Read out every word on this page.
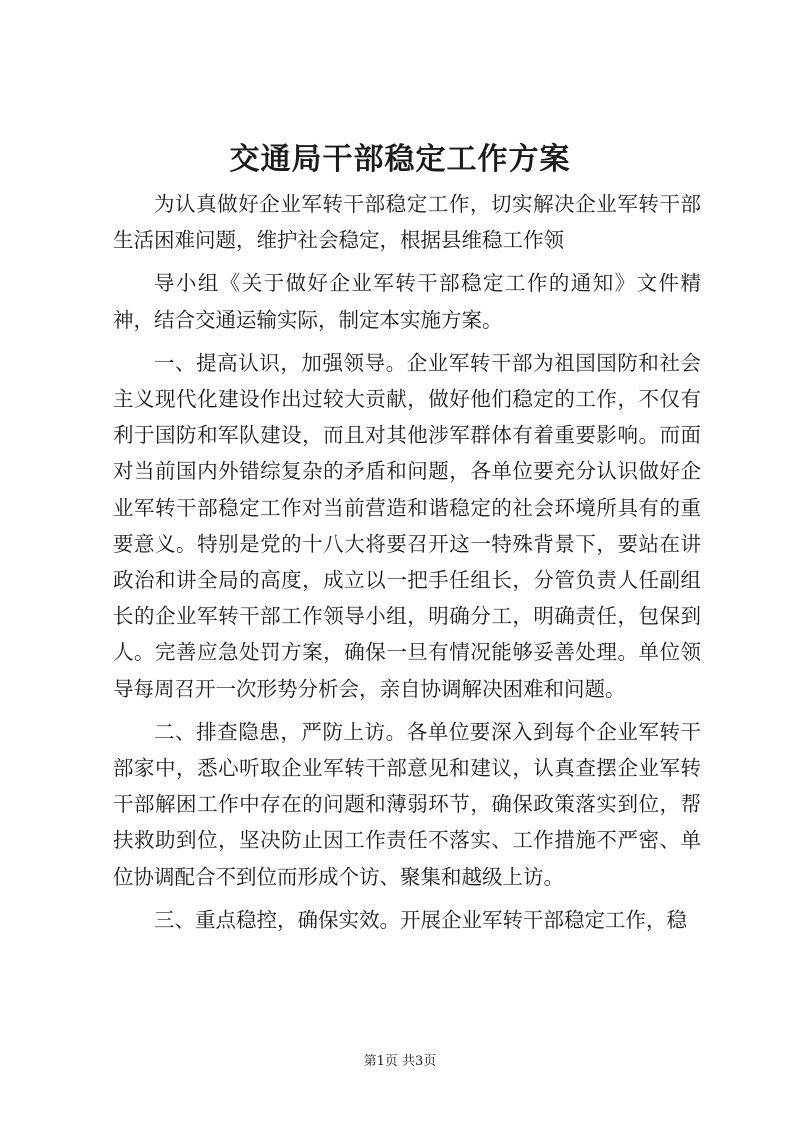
交通局干部稳定工作方案

为认真做好企业军转干部稳定工作，切实解决企业军转干部生活困难问题，维护社会稳定，根据县维稳工作领

导小组《关于做好企业军转干部稳定工作的通知》文件精神，结合交通运输实际，制定本实施方案。

一、提高认识，加强领导。企业军转干部为祖国国防和社会主义现代化建设作出过较大贡献，做好他们稳定的工作，不仅有利于国防和军队建设，而且对其他涉军群体有着重要影响。而面对当前国内外错综复杂的矛盾和问题，各单位要充分认识做好企业军转干部稳定工作对当前营造和谐稳定的社会环境所具有的重要意义。特别是党的十八大将要召开这一特殊背景下，要站在讲政治和讲全局的高度，成立以一把手任组长，分管负责人任副组长的企业军转干部工作领导小组，明确分工，明确责任，包保到人。完善应急处罚方案，确保一旦有情况能够妥善处理。单位领导每周召开一次形势分析会，亲自协调解决困难和问题。

二、排查隐患，严防上访。各单位要深入到每个企业军转干部家中，悉心听取企业军转干部意见和建议，认真查摆企业军转干部解困工作中存在的问题和薄弱环节，确保政策落实到位，帮扶救助到位，坚决防止因工作责任不落实、工作措施不严密、单位协调配合不到位而形成个访、聚集和越级上访。

三、重点稳控，确保实效。开展企业军转干部稳定工作，稳

第1页 共3页
